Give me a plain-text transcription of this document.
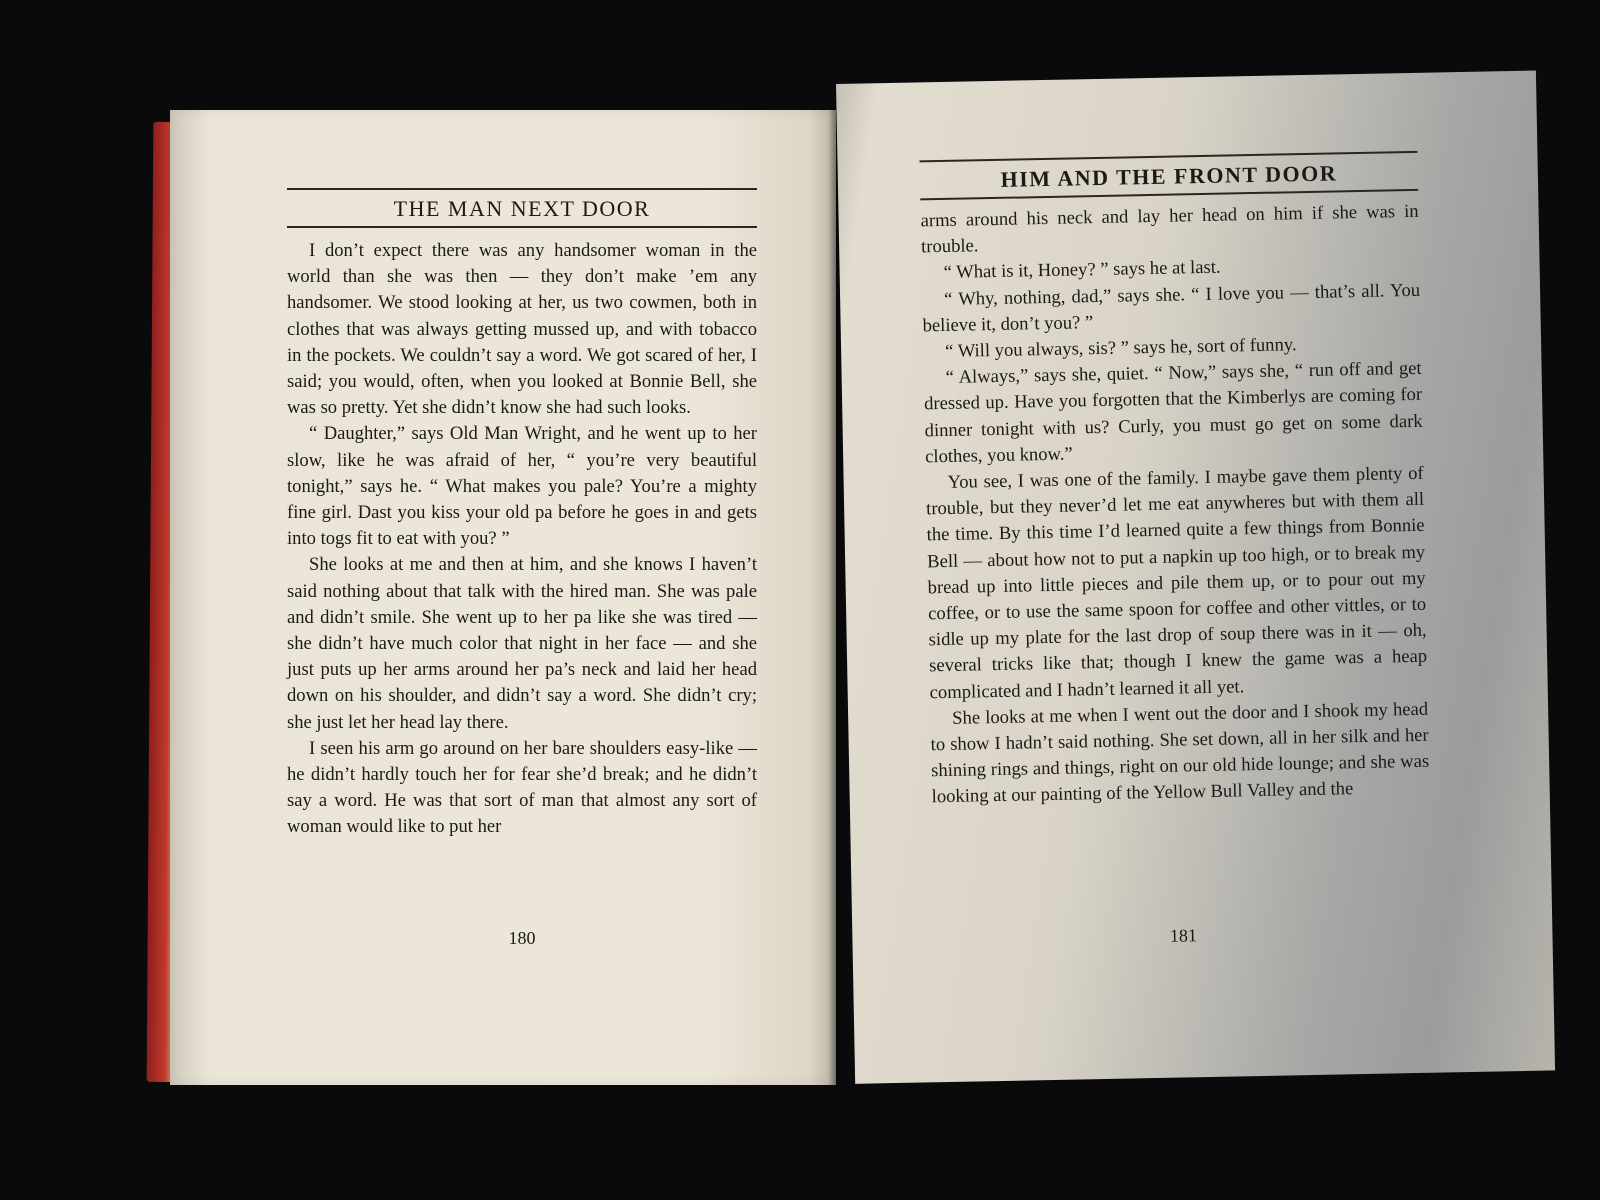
THE MAN NEXT DOOR

I don’t expect there was any handsomer woman in the world than she was then — they don’t make ’em any handsomer. We stood looking at her, us two cowmen, both in clothes that was always getting mussed up, and with tobacco in the pockets. We couldn’t say a word. We got scared of her, I said; you would, often, when you looked at Bonnie Bell, she was so pretty. Yet she didn’t know she had such looks.

“ Daughter,” says Old Man Wright, and he went up to her slow, like he was afraid of her, “ you’re very beautiful tonight,” says he. “ What makes you pale? You’re a mighty fine girl. Dast you kiss your old pa before he goes in and gets into togs fit to eat with you? ”

She looks at me and then at him, and she knows I haven’t said nothing about that talk with the hired man. She was pale and didn’t smile. She went up to her pa like she was tired — she didn’t have much color that night in her face — and she just puts up her arms around her pa’s neck and laid her head down on his shoulder, and didn’t say a word. She didn’t cry; she just let her head lay there.

I seen his arm go around on her bare shoulders easy-like — he didn’t hardly touch her for fear she’d break; and he didn’t say a word. He was that sort of man that almost any sort of woman would like to put her

180
HIM AND THE FRONT DOOR

arms around his neck and lay her head on him if she was in trouble.

“ What is it, Honey? ” says he at last.

“ Why, nothing, dad,” says she. “ I love you — that’s all. You believe it, don’t you? ”

“ Will you always, sis? ” says he, sort of funny.

“ Always,” says she, quiet. “ Now,” says she, “ run off and get dressed up. Have you forgotten that the Kimberlys are coming for dinner tonight with us? Curly, you must go get on some dark clothes, you know.”

You see, I was one of the family. I maybe gave them plenty of trouble, but they never’d let me eat anywheres but with them all the time. By this time I’d learned quite a few things from Bonnie Bell — about how not to put a napkin up too high, or to break my bread up into little pieces and pile them up, or to pour out my coffee, or to use the same spoon for coffee and other vittles, or to sidle up my plate for the last drop of soup there was in it — oh, several tricks like that; though I knew the game was a heap complicated and I hadn’t learned it all yet.

She looks at me when I went out the door and I shook my head to show I hadn’t said nothing. She set down, all in her silk and her shining rings and things, right on our old hide lounge; and she was looking at our painting of the Yellow Bull Valley and the

181
